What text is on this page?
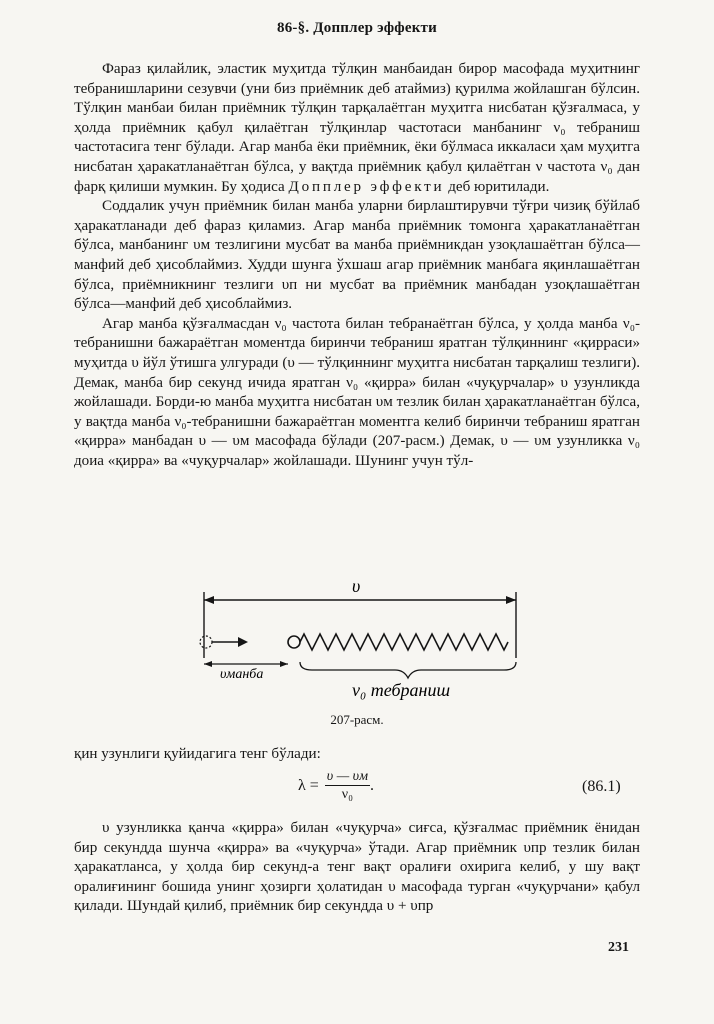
86-§. Допплер эффекти

Фараз қилайлик, эластик муҳитда тўлқин манбаидан бирор масофада муҳитнинг тебранишларини сезувчи (уни биз приёмник деб атаймиз) қурилма жойлашган бўлсин. Тўлқин манбаи билан приёмник тўлқин тарқалаётган муҳитга нисбатан қўзғалмаса, у ҳолда приёмник қабул қилаётган тўлқинлар частотаси манбанинг ν₀ тебраниш частотасига тенг бўлади. Агар манба ёки приёмник, ёки бўлмаса иккаласи ҳам муҳитга нисбатан ҳаракатланаётган бўлса, у вақтда приёмник қабул қилаётган ν частота ν₀ дан фарқ қилиши мумкин. Бу ҳодиса Допплер эффекти деб юритилади.

Соддалик учун приёмник билан манба уларни бирлаштирувчи тўғри чизиқ бўйлаб ҳаракатланади деб фараз қиламиз. Агар манба приёмник томонга ҳаракатланаётган бўлса, манбанинг υм тезлигини мусбат ва манба приёмникдан узоқлашаётган бўлса—манфий деб ҳисоблаймиз. Худди шунга ўхшаш агар приёмник манбага яқинлашаётган бўлса, приёмникнинг тезлиги υп ни мусбат ва приёмник манбадан узоқлашаётган бўлса—манфий деб ҳисоблаймиз.

Агар манба қўзғалмасдан ν₀ частота билан тебранаётган бўлса, у ҳолда манба ν₀-тебранишни бажараётган моментда биринчи тебраниш яратган тўлқиннинг «қирраси» муҳитда υ йўл ўтишга улгуради (υ — тўлқиннинг муҳитга нисбатан тарқалиш тезлиги). Демак, манба бир секунд ичида яратган ν₀ «қирра» билан «чуқурчалар» υ узунликда жойлашади. Борди-ю манба муҳитга нисбатан υм тезлик билан ҳаракатланаётган бўлса, у вақтда манба ν₀-тебранишни бажараётган моментга келиб биринчи тебраниш яратган «қирра» манбадан υ — υм масофада бўлади (207-расм.) Демак, υ — υм узунликка ν₀ доиа «қирра» ва «чуқурчалар» жойлашади. Шунинг учун тўл-

υ
υманба
ν₀ тебраниш
207-расм.

қин узунлиги қуйидагига тенг бўлади:

$\lambda = \frac{\upsilon — \upsilon м}{\text{ν₀}}$ .	(86.1)

υ узунликка қанча «қирра» билан «чуқурча» сиғса, қўзғалмас приёмник ёнидан бир секундда шунча «қирра» ва «чуқурча» ўтади. Агар приёмник υпр тезлик билан ҳаракатланса, у ҳолда бир секунд-а тенг вақт оралиғи охирига келиб, у шу вақт оралиғининг бошида унинг ҳозирги ҳолатидан υ масофада турган «чуқурчани» қабул қилади. Шундай қилиб, приёмник бир секундда υ + υпр

231
